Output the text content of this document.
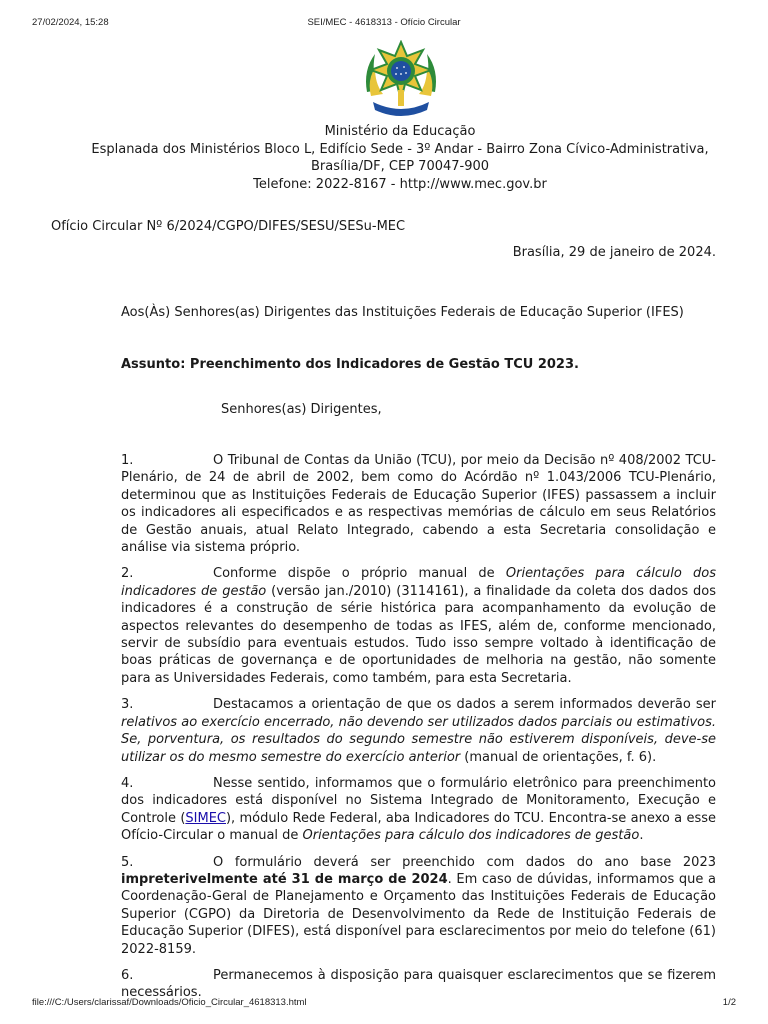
27/02/2024, 15:28	SEI/MEC - 4618313 - Ofício Circular
Ministério da Educação
Esplanada dos Ministérios Bloco L, Edifício Sede - 3º Andar - Bairro Zona Cívico-Administrativa,
Brasília/DF, CEP 70047-900
Telefone: 2022-8167 - http://www.mec.gov.br
Ofício Circular Nº 6/2024/CGPO/DIFES/SESU/SESu-MEC
Brasília, 29 de janeiro de 2024.
Aos(Às) Senhores(as) Dirigentes das Instituições Federais de Educação Superior (IFES)
Assunto: Preenchimento dos Indicadores de Gestão TCU 2023.
Senhores(as) Dirigentes,

1.	O Tribunal de Contas da União (TCU), por meio da Decisão nº 408/2002 TCU-Plenário, de 24 de abril de 2002, bem como do Acórdão nº 1.043/2006 TCU-Plenário, determinou que as Instituições Federais de Educação Superior (IFES) passassem a incluir os indicadores ali especificados e as respectivas memórias de cálculo em seus Relatórios de Gestão anuais, atual Relato Integrado, cabendo a esta Secretaria consolidação e análise via sistema próprio.

2.	Conforme dispõe o próprio manual de Orientações para cálculo dos indicadores de gestão (versão jan./2010) (3114161), a finalidade da coleta dos dados dos indicadores é a construção de série histórica para acompanhamento da evolução de aspectos relevantes do desempenho de todas as IFES, além de, conforme mencionado, servir de subsídio para eventuais estudos. Tudo isso sempre voltado à identificação de boas práticas de governança e de oportunidades de melhoria na gestão, não somente para as Universidades Federais, como também, para esta Secretaria.

3.	Destacamos a orientação de que os dados a serem informados deverão ser relativos ao exercício encerrado, não devendo ser utilizados dados parciais ou estimativos. Se, porventura, os resultados do segundo semestre não estiverem disponíveis, deve-se utilizar os do mesmo semestre do exercício anterior (manual de orientações, f. 6).

4.	Nesse sentido, informamos que o formulário eletrônico para preenchimento dos indicadores está disponível no Sistema Integrado de Monitoramento, Execução e Controle (SIMEC), módulo Rede Federal, aba Indicadores do TCU. Encontra-se anexo a esse Ofício-Circular o manual de Orientações para cálculo dos indicadores de gestão.

5.	O formulário deverá ser preenchido com dados do ano base 2023 impreterivelmente até 31 de março de 2024. Em caso de dúvidas, informamos que a Coordenação-Geral de Planejamento e Orçamento das Instituições Federais de Educação Superior (CGPO) da Diretoria de Desenvolvimento da Rede de Instituição Federais de Educação Superior (DIFES), está disponível para esclarecimentos por meio do telefone (61) 2022-8159.

6.	Permanecemos à disposição para quaisquer esclarecimentos que se fizerem necessários.

file:///C:/Users/clarissaf/Downloads/Oficio_Circular_4618313.html	1/2
